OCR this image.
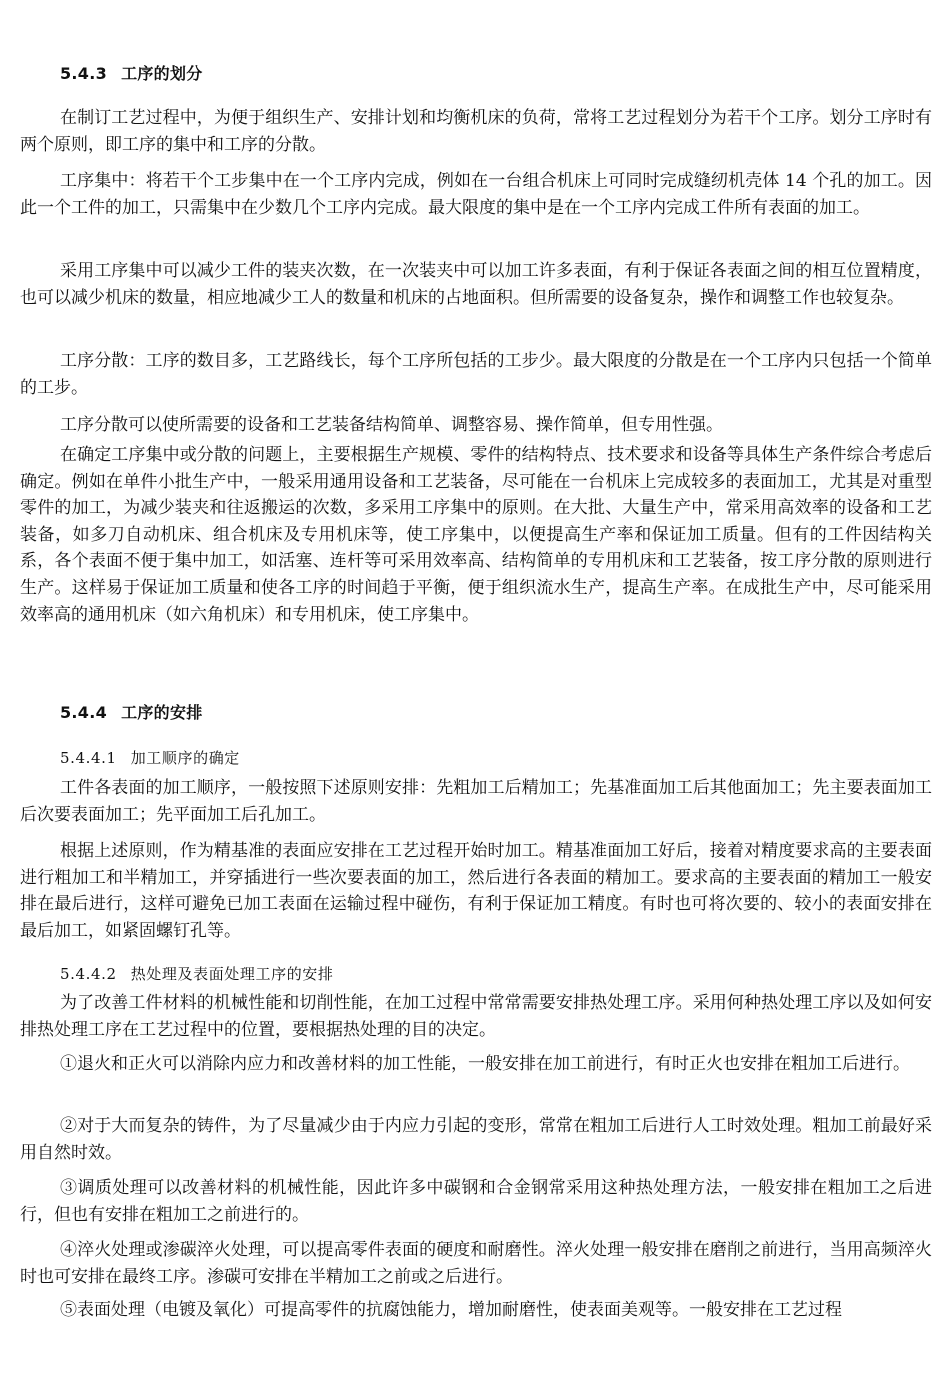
5.4.3 工序的划分

在制订工艺过程中，为便于组织生产、安排计划和均衡机床的负荷，常将工艺过程划分为若干个工序。划分工序时有两个原则，即工序的集中和工序的分散。

工序集中：将若干个工步集中在一个工序内完成，例如在一台组合机床上可同时完成缝纫机壳体 14 个孔的加工。因此一个工件的加工，只需集中在少数几个工序内完成。最大限度的集中是在一个工序内完成工件所有表面的加工。

采用工序集中可以减少工件的装夹次数，在一次装夹中可以加工许多表面，有利于保证各表面之间的相互位置精度，也可以减少机床的数量，相应地减少工人的数量和机床的占地面积。但所需要的设备复杂，操作和调整工作也较复杂。

工序分散：工序的数目多，工艺路线长，每个工序所包括的工步少。最大限度的分散是在一个工序内只包括一个简单的工步。

工序分散可以使所需要的设备和工艺装备结构简单、调整容易、操作简单，但专用性强。

在确定工序集中或分散的问题上，主要根据生产规模、零件的结构特点、技术要求和设备等具体生产条件综合考虑后确定。例如在单件小批生产中，一般采用通用设备和工艺装备，尽可能在一台机床上完成较多的表面加工，尤其是对重型零件的加工，为减少装夹和往返搬运的次数，多采用工序集中的原则。在大批、大量生产中，常采用高效率的设备和工艺装备，如多刀自动机床、组合机床及专用机床等，使工序集中，以便提高生产率和保证加工质量。但有的工件因结构关系，各个表面不便于集中加工，如活塞、连杆等可采用效率高、结构简单的专用机床和工艺装备，按工序分散的原则进行生产。这样易于保证加工质量和使各工序的时间趋于平衡，便于组织流水生产，提高生产率。在成批生产中，尽可能采用效率高的通用机床（如六角机床）和专用机床，使工序集中。

5.4.4 工序的安排
5.4.4.1 加工顺序的确定

工件各表面的加工顺序，一般按照下述原则安排：先粗加工后精加工；先基准面加工后其他面加工；先主要表面加工后次要表面加工；先平面加工后孔加工。

根据上述原则，作为精基准的表面应安排在工艺过程开始时加工。精基准面加工好后，接着对精度要求高的主要表面进行粗加工和半精加工，并穿插进行一些次要表面的加工，然后进行各表面的精加工。要求高的主要表面的精加工一般安排在最后进行，这样可避免已加工表面在运输过程中碰伤，有利于保证加工精度。有时也可将次要的、较小的表面安排在最后加工，如紧固螺钉孔等。

5.4.4.2 热处理及表面处理工序的安排

为了改善工件材料的机械性能和切削性能，在加工过程中常常需要安排热处理工序。采用何种热处理工序以及如何安排热处理工序在工艺过程中的位置，要根据热处理的目的决定。

①退火和正火可以消除内应力和改善材料的加工性能，一般安排在加工前进行，有时正火也安排在粗加工后进行。

②对于大而复杂的铸件，为了尽量减少由于内应力引起的变形，常常在粗加工后进行人工时效处理。粗加工前最好采用自然时效。

③调质处理可以改善材料的机械性能，因此许多中碳钢和合金钢常采用这种热处理方法，一般安排在粗加工之后进行，但也有安排在粗加工之前进行的。

④淬火处理或渗碳淬火处理，可以提高零件表面的硬度和耐磨性。淬火处理一般安排在磨削之前进行，当用高频淬火时也可安排在最终工序。渗碳可安排在半精加工之前或之后进行。

⑤表面处理（电镀及氧化）可提高零件的抗腐蚀能力，增加耐磨性，使表面美观等。一般安排在工艺过程
